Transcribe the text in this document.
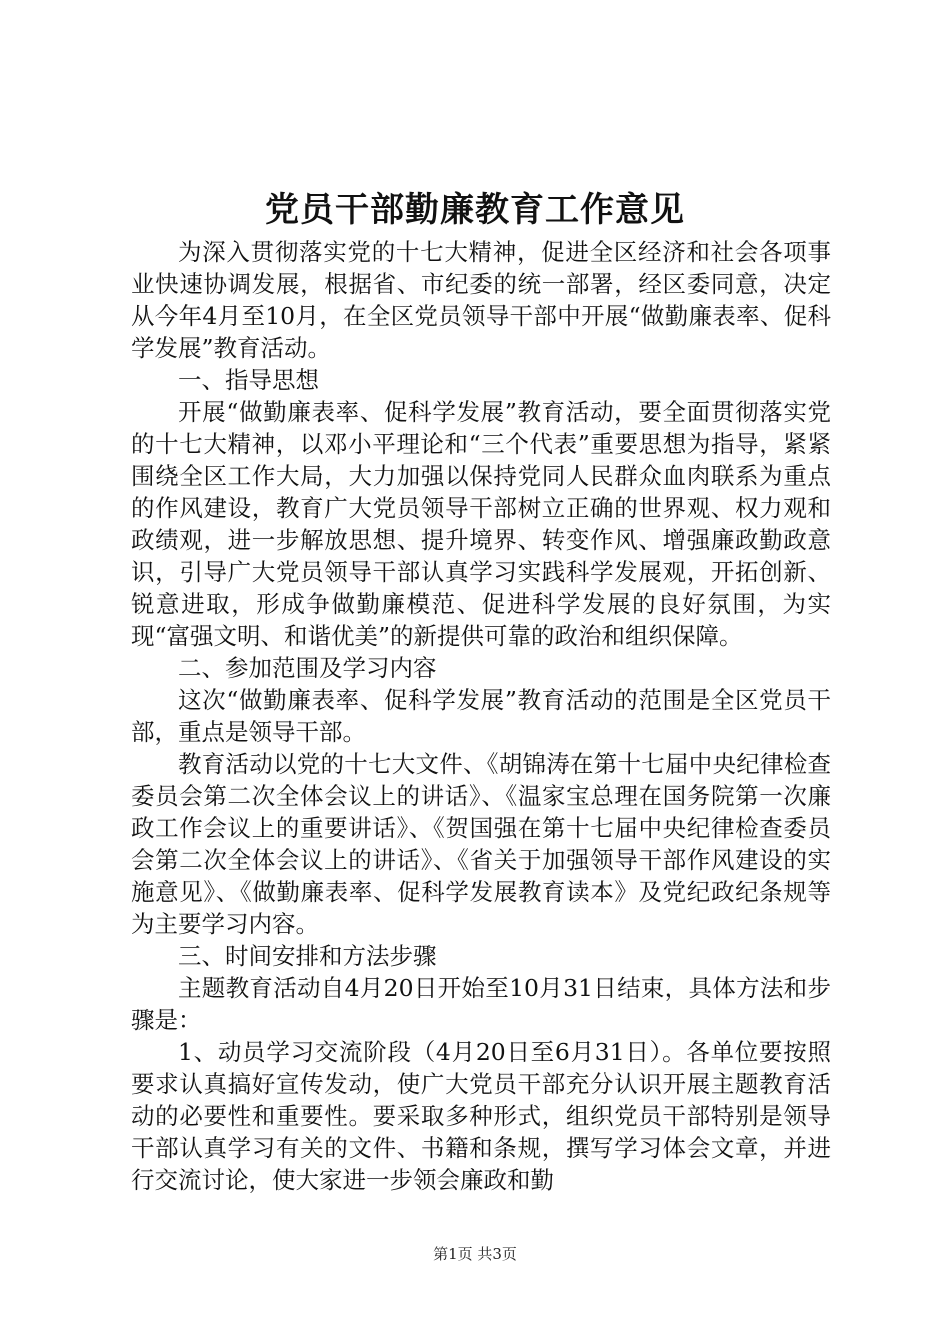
党员干部勤廉教育工作意见

为深入贯彻落实党的十七大精神，促进全区经济和社会各项事业快速协调发展，根据省、市纪委的统一部署，经区委同意，决定从今年4月至10月，在全区党员领导干部中开展“做勤廉表率、促科学发展”教育活动。

一、指导思想

开展“做勤廉表率、促科学发展”教育活动，要全面贯彻落实党的十七大精神，以邓小平理论和“三个代表”重要思想为指导，紧紧围绕全区工作大局，大力加强以保持党同人民群众血肉联系为重点的作风建设，教育广大党员领导干部树立正确的世界观、权力观和政绩观，进一步解放思想、提升境界、转变作风、增强廉政勤政意识，引导广大党员领导干部认真学习实践科学发展观，开拓创新、锐意进取，形成争做勤廉模范、促进科学发展的良好氛围，为实现“富强文明、和谐优美”的新提供可靠的政治和组织保障。

二、参加范围及学习内容

这次“做勤廉表率、促科学发展”教育活动的范围是全区党员干部，重点是领导干部。

教育活动以党的十七大文件、《胡锦涛在第十七届中央纪律检查委员会第二次全体会议上的讲话》、《温家宝总理在国务院第一次廉政工作会议上的重要讲话》、《贺国强在第十七届中央纪律检查委员会第二次全体会议上的讲话》、《省关于加强领导干部作风建设的实施意见》、《做勤廉表率、促科学发展教育读本》及党纪政纪条规等为主要学习内容。

三、时间安排和方法步骤

主题教育活动自4月20日开始至10月31日结束，具体方法和步骤是：

1、动员学习交流阶段（4月20日至6月31日）。各单位要按照要求认真搞好宣传发动，使广大党员干部充分认识开展主题教育活动的必要性和重要性。要采取多种形式，组织党员干部特别是领导干部认真学习有关的文件、书籍和条规，撰写学习体会文章，并进行交流讨论，使大家进一步领会廉政和勤

第1页 共3页
